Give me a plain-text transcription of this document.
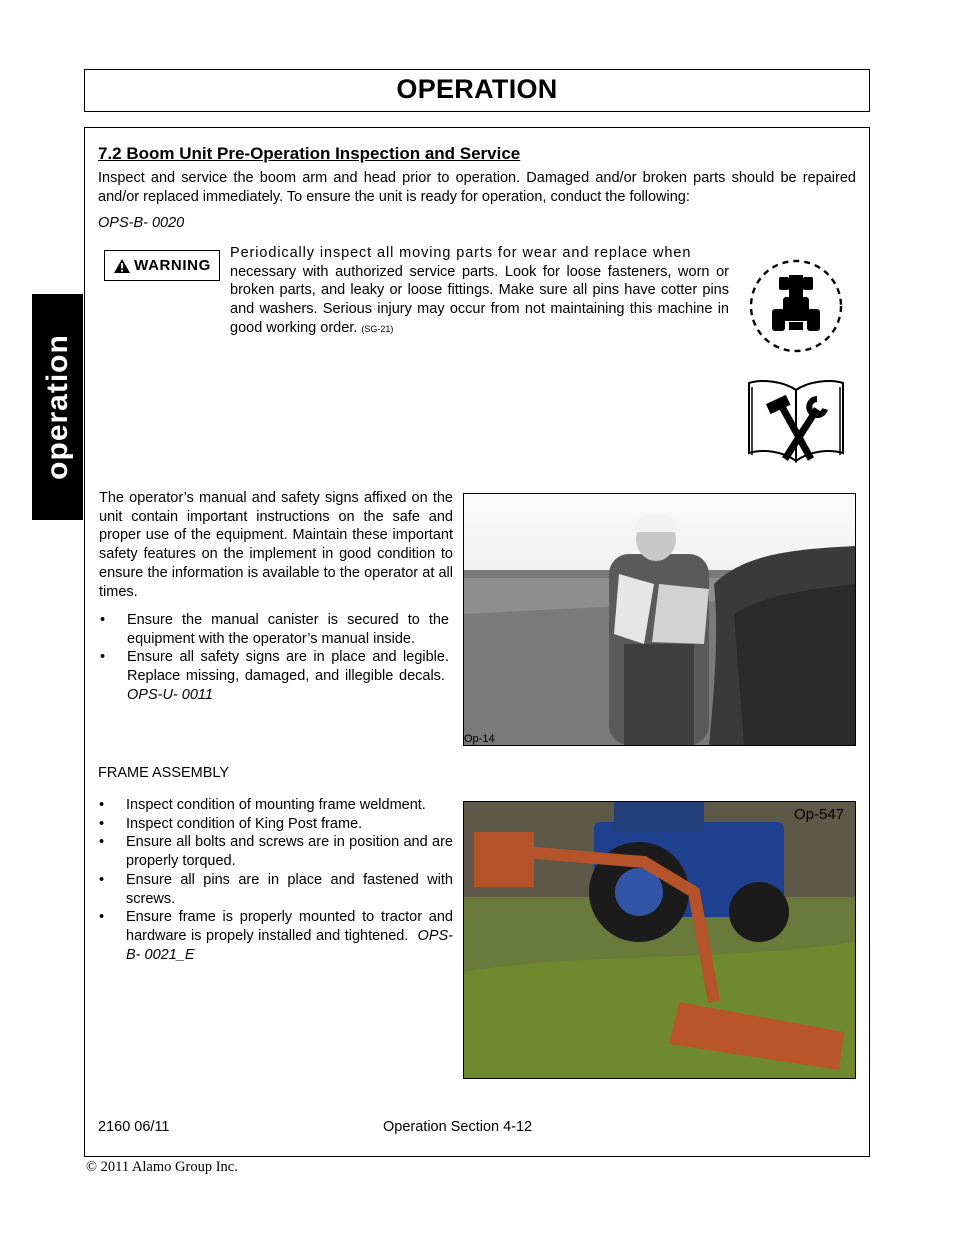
OPERATION
operation
7.2 Boom Unit Pre-Operation Inspection and Service
Inspect and service the boom arm and head prior to operation. Damaged and/or broken parts should be repaired and/or replaced immediately. To ensure the unit is ready for operation, conduct the following:
OPS-B- 0020
WARNING
Periodically inspect all moving parts for wear and replace when
necessary with authorized service parts. Look for loose fasteners, worn or broken parts, and leaky or loose fittings. Make sure all pins have cotter pins and washers. Serious injury may occur from not maintaining this machine in good working order. (SG-21)
The operator’s manual and safety signs affixed on the unit contain important instructions on the safe and proper use of the equipment. Maintain these important safety features on the implement in good condition to ensure the information is available to the operator at all times.
• Ensure the manual canister is secured to the equipment with the operator’s manual inside.
• Ensure all safety signs are in place and legible. Replace missing, damaged, and illegible decals.  OPS-U- 0011
Op-14
FRAME ASSEMBLY
• Inspect condition of mounting frame weldment.
• Inspect condition of King Post frame.
• Ensure all bolts and screws are in position and are properly torqued.
• Ensure all pins are in place and fastened with screws.
• Ensure frame is properly mounted to tractor and hardware is propely installed and tightened. OPS-B- 0021_E
Op-547
2160 06/11	Operation Section 4-12
© 2011 Alamo Group Inc.
